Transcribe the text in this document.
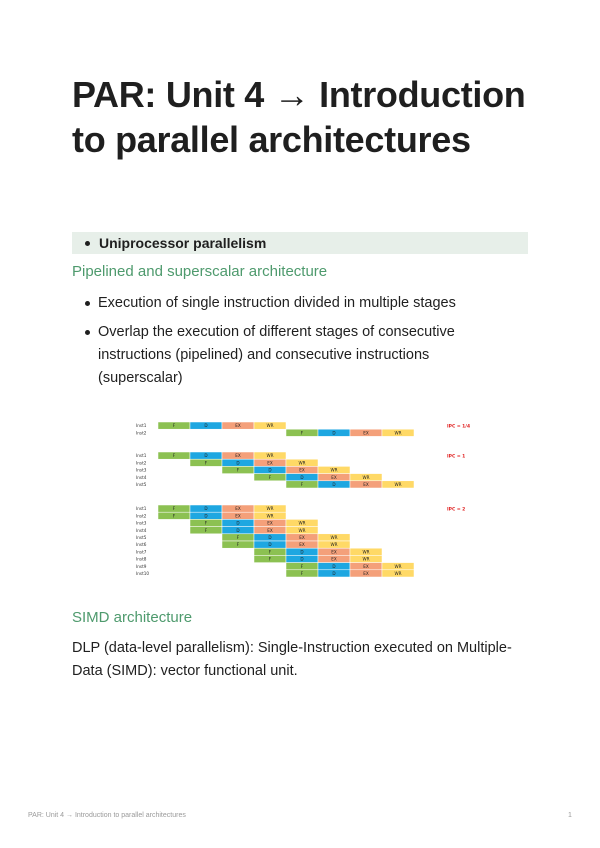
PAR: Unit 4 → Introduction to parallel architectures
Uniprocessor parallelism
Pipelined and superscalar architecture
Execution of single instruction divided in multiple stages
Overlap the execution of different stages of consecutive instructions (pipelined) and consecutive instructions (superscalar)
IPC = 1/4
Inst1	F	D	EX	WR
Inst2	F	D	EX	WR
IPC = 1
Inst1	F	D	EX	WR
Inst2	F	D	EX	WR
Inst3	F	D	EX	WR
Inst4	F	D	EX	WR
Inst5	F	D	EX	WR
IPC = 2
Inst1	F	D	EX	WR
Inst2	F	D	EX	WR
Inst3	F	D	EX	WR
Inst4	F	D	EX	WR
Inst5	F	D	EX	WR
Inst6	F	D	EX	WR
Inst7	F	D	EX	WR
Inst8	F	D	EX	WR
Inst9	F	D	EX	WR
Inst10	F	D	EX	WR
SIMD architecture

DLP (data-level parallelism): Single-Instruction executed on Multiple-Data (SIMD): vector functional unit.

PAR: Unit 4 → Introduction to parallel architectures	1
